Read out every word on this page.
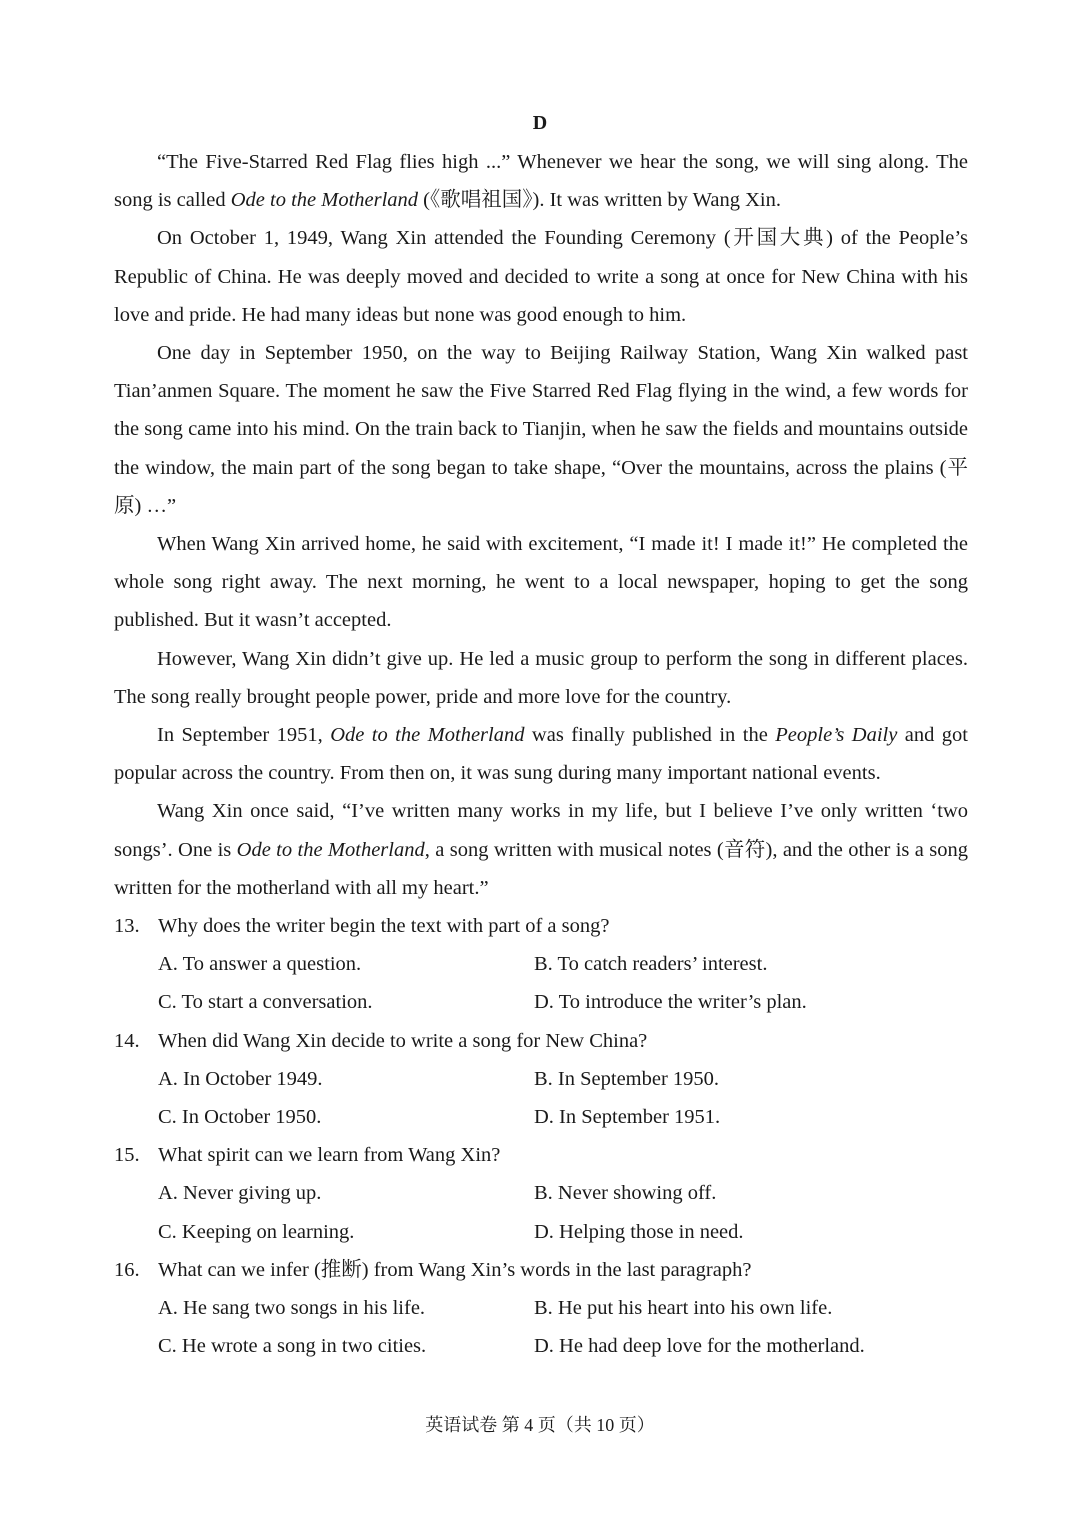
D

“The Five-Starred Red Flag flies high ...” Whenever we hear the song, we will sing along. The song is called Ode to the Motherland (《歌唱祖国》). It was written by Wang Xin.

On October 1, 1949, Wang Xin attended the Founding Ceremony (开国大典) of the People’s Republic of China. He was deeply moved and decided to write a song at once for New China with his love and pride. He had many ideas but none was good enough to him.

One day in September 1950, on the way to Beijing Railway Station, Wang Xin walked past Tian’anmen Square. The moment he saw the Five Starred Red Flag flying in the wind, a few words for the song came into his mind. On the train back to Tianjin, when he saw the fields and mountains outside the window, the main part of the song began to take shape, “Over the mountains, across the plains (平原) …”

When Wang Xin arrived home, he said with excitement, “I made it! I made it!” He completed the whole song right away. The next morning, he went to a local newspaper, hoping to get the song published. But it wasn’t accepted.

However, Wang Xin didn’t give up. He led a music group to perform the song in different places. The song really brought people power, pride and more love for the country.

In September 1951, Ode to the Motherland was finally published in the People’s Daily and got popular across the country. From then on, it was sung during many important national events.

Wang Xin once said, “I’ve written many works in my life, but I believe I’ve only written ‘two songs’. One is Ode to the Motherland, a song written with musical notes (音符), and the other is a song written for the motherland with all my heart.”

13. Why does the writer begin the text with part of a song?
A. To answer a question.	B. To catch readers’ interest.
C. To start a conversation.	D. To introduce the writer’s plan.
14. When did Wang Xin decide to write a song for New China?
A. In October 1949.	B. In September 1950.
C. In October 1950.	D. In September 1951.
15. What spirit can we learn from Wang Xin?
A. Never giving up.	B. Never showing off.
C. Keeping on learning.	D. Helping those in need.
16. What can we infer (推断) from Wang Xin’s words in the last paragraph?
A. He sang two songs in his life.	B. He put his heart into his own life.
C. He wrote a song in two cities.	D. He had deep love for the motherland.
英语试卷 第 4 页（共 10 页）
